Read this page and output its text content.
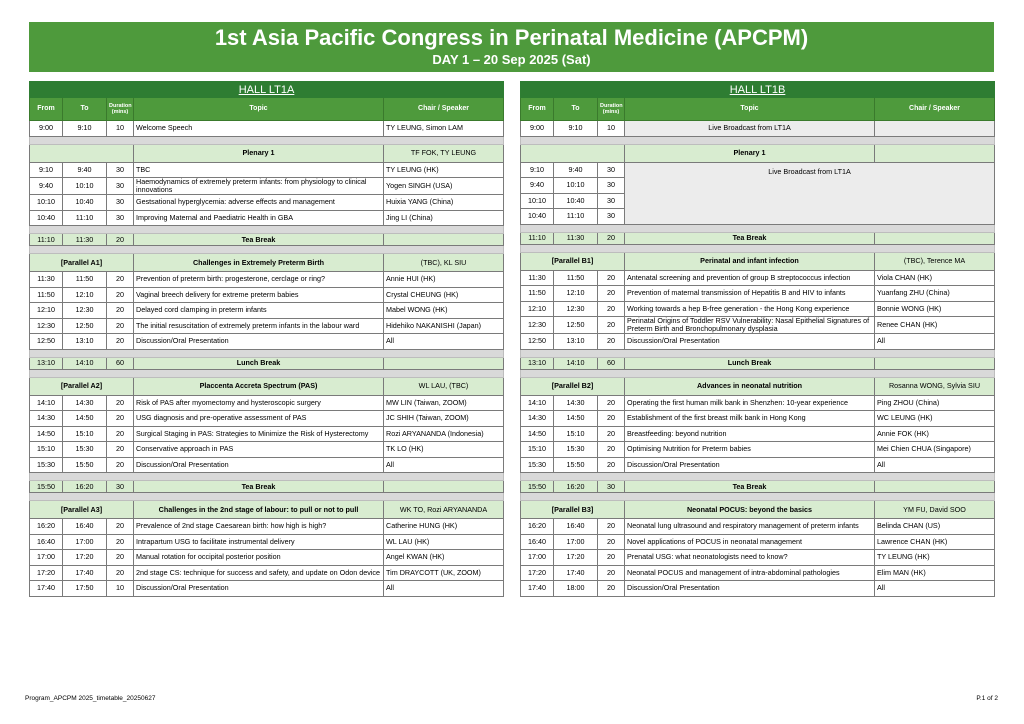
1st Asia Pacific Congress in Perinatal Medicine (APCPM)
DAY 1 – 20 Sep 2025 (Sat)
HALL LT1A				
From	To	Duration (mins)	Topic	Chair / Speaker
9:00	9:10	10	Welcome Speech	TY LEUNG, Simon LAM

			Plenary 1	TF FOK, TY LEUNG
9:10	9:40	30	TBC	TY LEUNG (HK)
9:40	10:10	30	Haemodynamics of extremely preterm infants: from physiology to clinical innovations	Yogen SINGH (USA)
10:10	10:40	30	Gestsational hyperglycemia: adverse effects and management	Huixia YANG (China)
10:40	11:10	30	Improving Maternal and Paediatric Health in GBA	Jing LI (China)

11:10	11:30	20	Tea Break	

[Parallel A1]			Challenges in Extremely Preterm Birth	(TBC), KL SIU
11:30	11:50	20	Prevention of preterm birth: progesterone, cerclage or ring?	Annie HUI (HK)
11:50	12:10	20	Vaginal breech delivery for extreme preterm babies	Crystal CHEUNG (HK)
12:10	12:30	20	Delayed cord clamping in preterm infants	Mabel WONG (HK)
12:30	12:50	20	The initial resuscitation of extremely preterm infants in the labour ward	Hidehiko NAKANISHI (Japan)
12:50	13:10	20	Discussion/Oral Presentation	All

13:10	14:10	60	Lunch Break	

[Parallel A2]			Placcenta Accreta Spectrum (PAS)	WL LAU, (TBC)
14:10	14:30	20	Risk of PAS after myomectomy and hysteroscopic surgery	MW LIN (Taiwan, ZOOM)
14:30	14:50	20	USG diagnosis and pre-operative assessment of PAS	JC SHIH (Taiwan, ZOOM)
14:50	15:10	20	Surgical Staging in PAS: Strategies to Minimize the Risk of Hysterectomy	Rozi ARYANANDA (Indonesia)
15:10	15:30	20	Conservative approach in PAS	TK LO (HK)
15:30	15:50	20	Discussion/Oral Presentation	All

15:50	16:20	30	Tea Break	

[Parallel A3]			Challenges in the 2nd stage of labour: to pull or not to pull	WK TO, Rozi ARYANANDA
16:20	16:40	20	Prevalence of 2nd stage Caesarean birth: how high is high?	Catherine HUNG (HK)
16:40	17:00	20	Intrapartum USG to facilitate instrumental delivery	WL LAU (HK)
17:00	17:20	20	Manual rotation for occipital posterior position	Angel KWAN (HK)
17:20	17:40	20	2nd stage CS: technique for success and safety, and update on Odon device	Tim DRAYCOTT (UK, ZOOM)
17:40	17:50	10	Discussion/Oral Presentation	All
HALL LT1B				
From	To	Duration (mins)	Topic	Chair / Speaker
9:00	9:10	10	Live Broadcast from LT1A	

			Plenary 1	
9:10	9:40	30	Live Broadcast from LT1A	
9:40	10:10	30		
10:10	10:40	30		
10:40	11:10	30		

11:10	11:30	20	Tea Break	

[Parallel B1]			Perinatal and infant infection	(TBC), Terence MA
11:30	11:50	20	Antenatal screening and prevention of group B streptococcus infection	Viola CHAN (HK)
11:50	12:10	20	Prevention of maternal transmission of Hepatitis B and HIV to infants	Yuanfang ZHU (China)
12:10	12:30	20	Working towards a hep B-free generation - the Hong Kong experience	Bonnie WONG (HK)
12:30	12:50	20	Perinatal Origins of Toddler RSV Vulnerability: Nasal Epithelial Signatures of Preterm Birth and Bronchopulmonary dysplasia	Renee CHAN (HK)
12:50	13:10	20	Discussion/Oral Presentation	All

13:10	14:10	60	Lunch Break	

[Parallel B2]			Advances in neonatal nutrition	Rosanna WONG, Sylvia SIU
14:10	14:30	20	Operating the first human milk bank in Shenzhen: 10-year experience	Ping ZHOU (China)
14:30	14:50	20	Establishment of the first breast milk bank in Hong Kong	WC LEUNG (HK)
14:50	15:10	20	Breastfeeding: beyond nutrition	Annie FOK (HK)
15:10	15:30	20	Optimising Nutrition for Preterm babies	Mei Chien CHUA (Singapore)
15:30	15:50	20	Discussion/Oral Presentation	All

15:50	16:20	30	Tea Break	

[Parallel B3]			Neonatal POCUS: beyond the basics	YM FU, David SOO
16:20	16:40	20	Neonatal lung ultrasound and respiratory management of preterm infants	Belinda CHAN (US)
16:40	17:00	20	Novel applications of POCUS in neonatal management	Lawrence CHAN (HK)
17:00	17:20	20	Prenatal USG: what neonatologists need to know?	TY LEUNG (HK)
17:20	17:40	20	Neonatal POCUS and management of intra-abdominal pathologies	Elim MAN (HK)
17:40	18:00	20	Discussion/Oral Presentation	All
Program_APCPM 2025_timetable_20250627	P.1 of 2
